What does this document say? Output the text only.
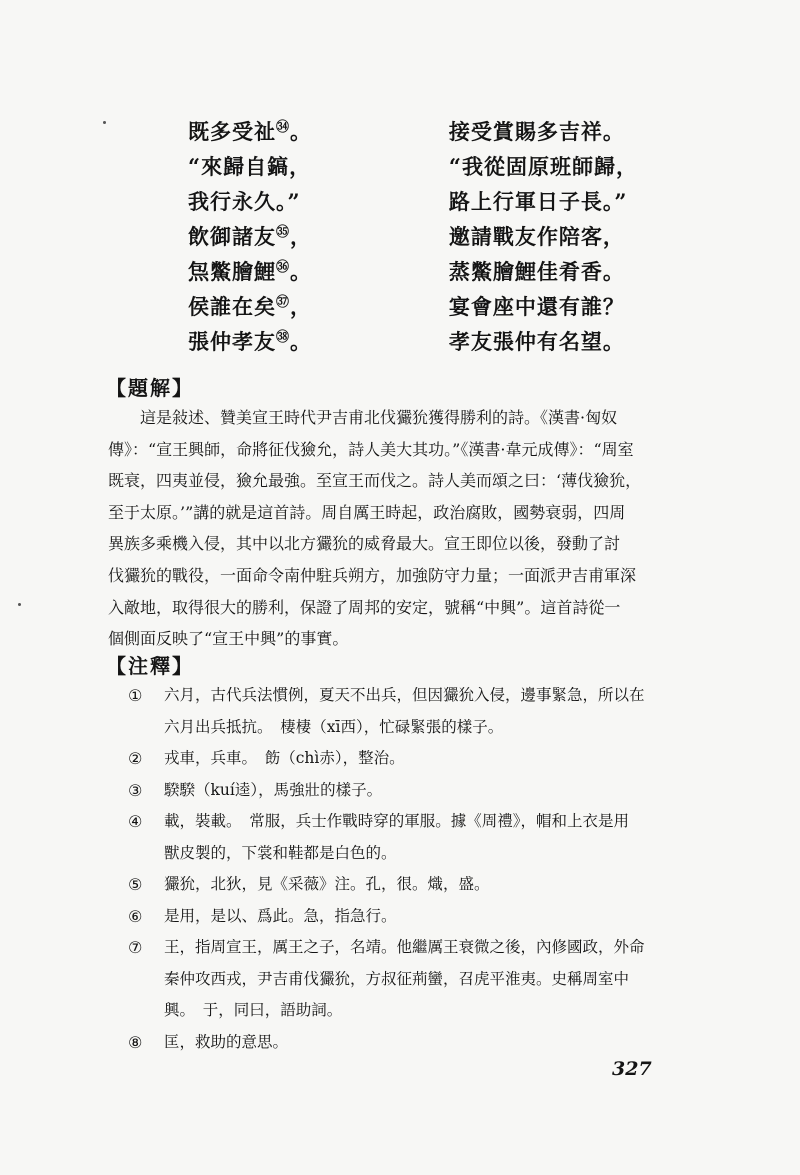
既多受祉$^㉞$。	接受賞賜多吉祥。
“來歸自鎬，	“我從固原班師歸，
我行永久。”	路上行軍日子長。”
飲御諸友$^㉟$，	邀請戰友作陪客，
炰鱉膾鯉$^㊱$。	蒸鱉膾鯉佳肴香。
侯誰在矣$^㊲$，	宴會座中還有誰？
張仲孝友$^㊳$。	孝友張仲有名望。
【題解】
　　這是敍述、贊美宣王時代尹吉甫北伐玁狁獲得勝利的詩。《漢書·匈奴
傳》：“宣王興師，命將征伐獫允，詩人美大其功。”《漢書·韋元成傳》：“周室
既衰，四夷並侵，獫允最強。至宣王而伐之。詩人美而頌之曰：‘薄伐獫狁，
至于太原。’”講的就是這首詩。周自厲王時起，政治腐敗，國勢衰弱，四周
異族多乘機入侵，其中以北方玁狁的威脅最大。宣王即位以後，發動了討
伐玁狁的戰役，一面命令南仲駐兵朔方，加強防守力量；一面派尹吉甫軍深
入敵地，取得很大的勝利，保證了周邦的安定，號稱“中興”。這首詩從一
個側面反映了“宣王中興”的事實。
【注釋】
①	六月，古代兵法慣例，夏天不出兵，但因玁狁入侵，邊事緊急，所以在
六月出兵抵抗。　棲棲（xī西），忙碌緊張的樣子。
②	戎車，兵車。　飭（chì赤），整治。
③	騤騤（kuí逵），馬強壯的樣子。
④	載，裝載。　常服，兵士作戰時穿的軍服。據《周禮》，帽和上衣是用
獸皮製的，下裳和鞋都是白色的。
⑤	玁狁，北狄，見《采薇》注。孔，很。熾，盛。
⑥	是用，是以、爲此。急，指急行。
⑦	王，指周宣王，厲王之子，名靖。他繼厲王衰微之後，內修國政，外命
秦仲攻西戎，尹吉甫伐玁狁，方叔征荊蠻，召虎平淮夷。史稱周室中
興。　于，同曰，語助詞。
⑧	匡，救助的意思。
327
